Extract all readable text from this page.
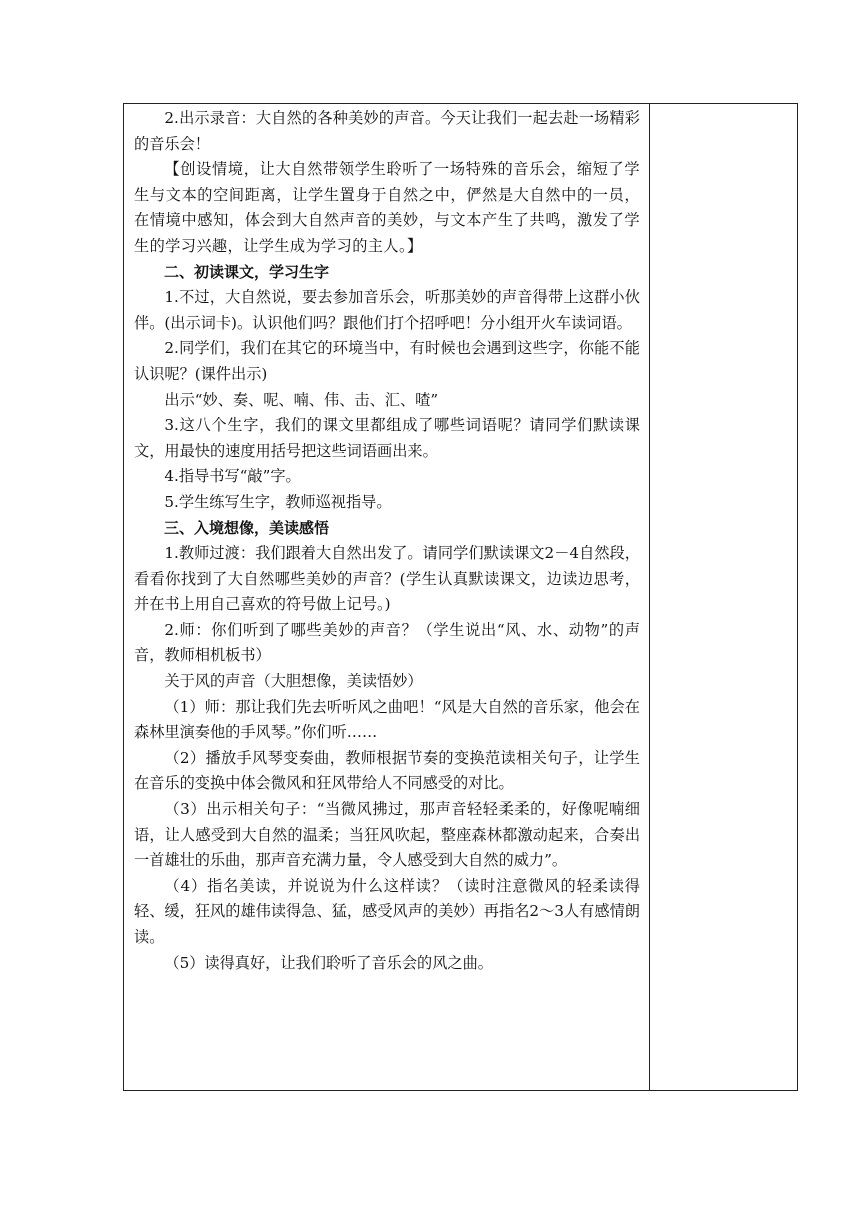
2.出示录音：大自然的各种美妙的声音。今天让我们一起去赴一场精彩的音乐会！

【创设情境，让大自然带领学生聆听了一场特殊的音乐会，缩短了学生与文本的空间距离，让学生置身于自然之中，俨然是大自然中的一员，在情境中感知，体会到大自然声音的美妙，与文本产生了共鸣，激发了学生的学习兴趣，让学生成为学习的主人。】

二、初读课文，学习生字

1.不过，大自然说，要去参加音乐会，听那美妙的声音得带上这群小伙伴。(出示词卡)。认识他们吗？跟他们打个招呼吧！分小组开火车读词语。

2.同学们，我们在其它的环境当中，有时候也会遇到这些字，你能不能认识呢？(课件出示)

出示“妙、奏、呢、喃、伟、击、汇、喳”

3.这八个生字，我们的课文里都组成了哪些词语呢？请同学们默读课文，用最快的速度用括号把这些词语画出来。

4.指导书写“敲”字。

5.学生练写生字，教师巡视指导。

三、入境想像，美读感悟

1.教师过渡：我们跟着大自然出发了。请同学们默读课文2－4自然段，看看你找到了大自然哪些美妙的声音？(学生认真默读课文，边读边思考，并在书上用自己喜欢的符号做上记号。)

2.师：你们听到了哪些美妙的声音？（学生说出“风、水、动物”的声音，教师相机板书）

关于风的声音（大胆想像，美读悟妙）

（1）师：那让我们先去听听风之曲吧！“风是大自然的音乐家，他会在森林里演奏他的手风琴。”你们听……

（2）播放手风琴变奏曲，教师根据节奏的变换范读相关句子，让学生在音乐的变换中体会微风和狂风带给人不同感受的对比。

（3）出示相关句子：“当微风拂过，那声音轻轻柔柔的，好像呢喃细语，让人感受到大自然的温柔；当狂风吹起，整座森林都激动起来，合奏出一首雄壮的乐曲，那声音充满力量，令人感受到大自然的威力”。

（4）指名美读，并说说为什么这样读？（读时注意微风的轻柔读得轻、缓，狂风的雄伟读得急、猛，感受风声的美妙）再指名2～3人有感情朗读。

（5）读得真好，让我们聆听了音乐会的风之曲。
